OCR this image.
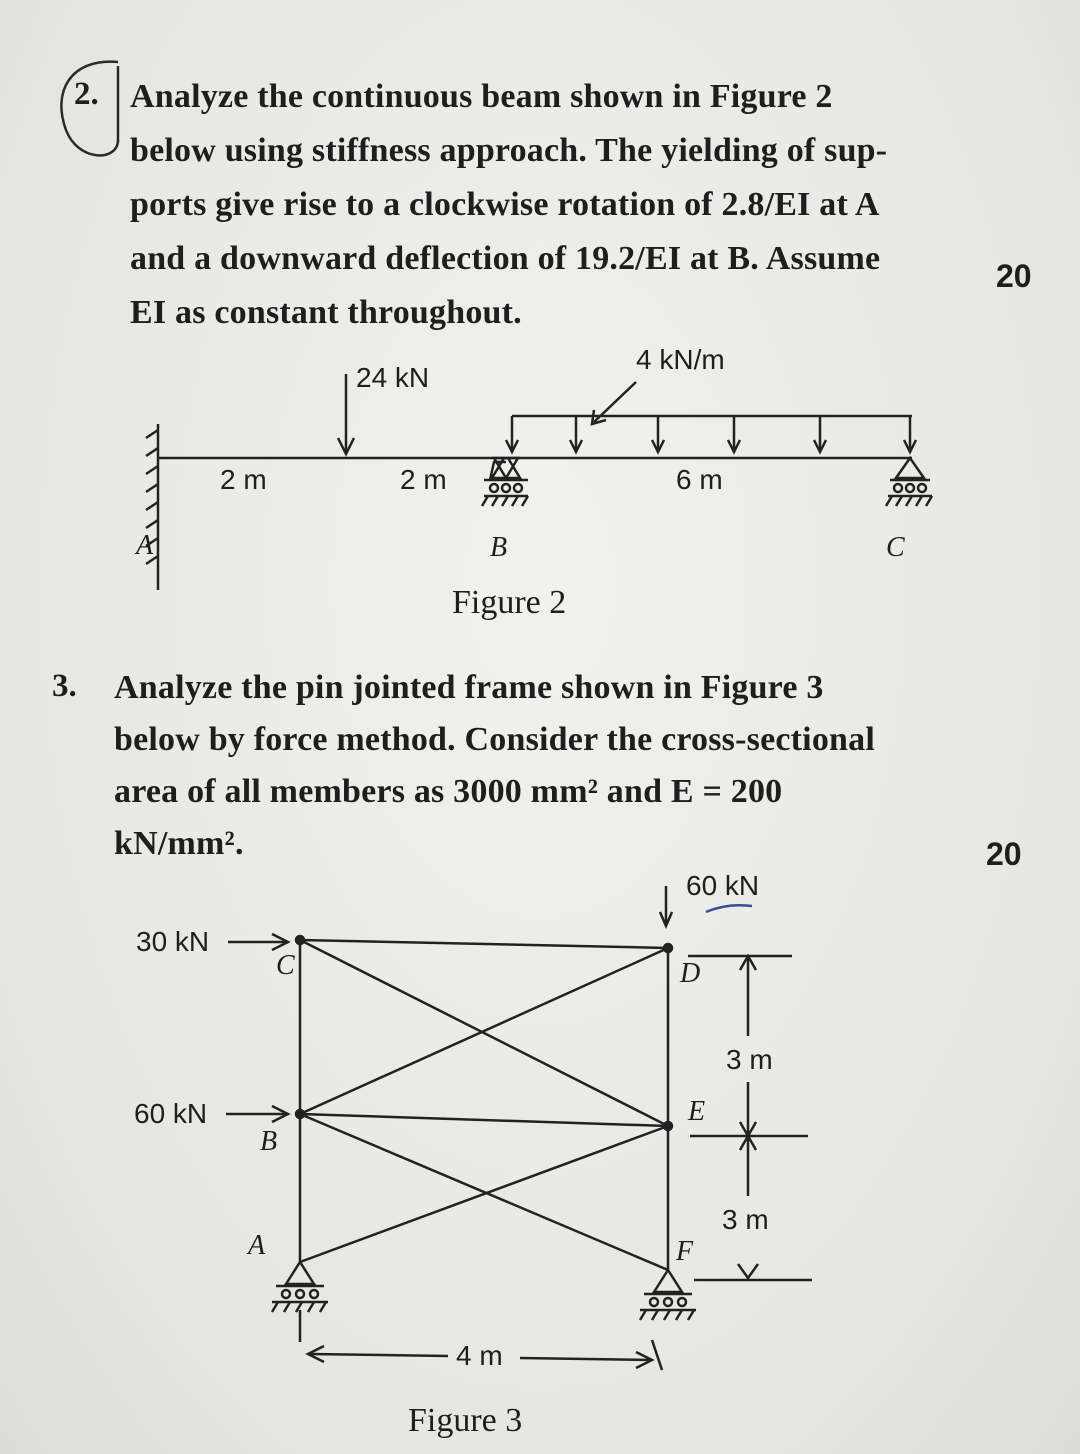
2. Analyze the continuous beam shown in Figure 2
below using stiffness approach. The yielding of sup-
ports give rise to a clockwise rotation of 2.8/EI at A
and a downward deflection of 19.2/EI at B. Assume
EI as constant throughout.
20
24 kN
4 kN/m
2 m	2 m	6 m
A	B	C
Figure 2
3. Analyze the pin jointed frame shown in Figure 3
below by force method. Consider the cross-sectional
area of all members as 3000 mm² and E = 200
kN/mm².	20
60 kN
30 kN
60 kN
C
B
A
D
E
F
3 m
3 m
4 m
Figure 3
